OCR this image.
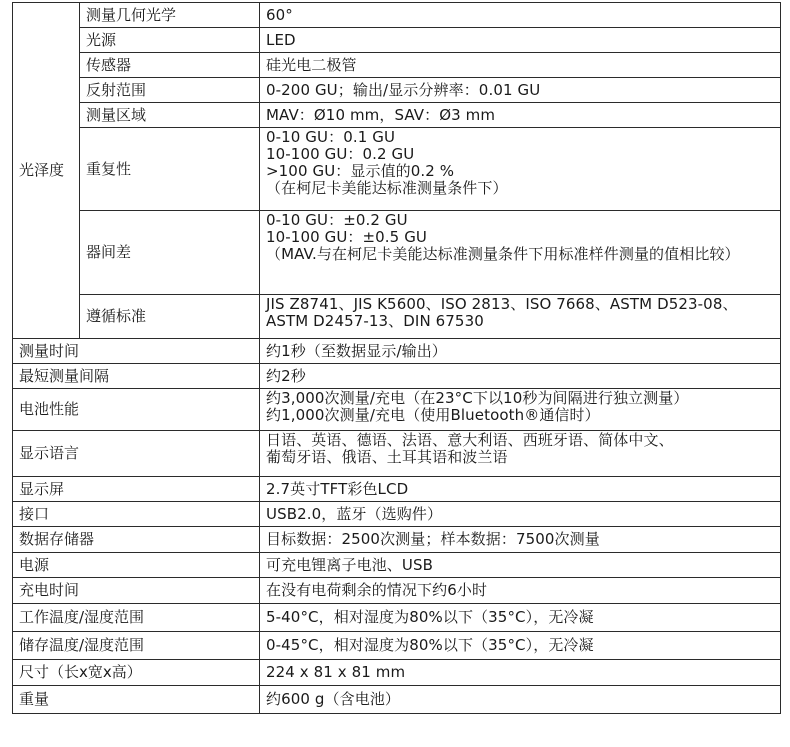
光泽度	测量几何光学	60°

	光源	LED

	传感器	硅光电二极管

	反射范围	0-200 GU；输出/显示分辨率：0.01 GU

	测量区域	MAV：Ø10 mm，SAV：Ø3 mm

	重复性	0-10 GU：0.1 GU
10-100 GU：0.2 GU
>100 GU：显示值的0.2 %
（在柯尼卡美能达标准测量条件下）

	器间差	0-10 GU：±0.2 GU
10-100 GU：±0.5 GU
（MAV.与在柯尼卡美能达标准测量条件下用标准样件测量的值相比较）

	遵循标准	JIS Z8741、JIS K5600、ISO 2813、ISO 7668、ASTM D523-08、
ASTM D2457-13、DIN 67530

测量时间		约1秒（至数据显示/输出）

最短测量间隔		约2秒

电池性能		约3,000次测量/充电（在23°C下以10秒为间隔进行独立测量）
约1,000次测量/充电（使用Bluetooth®通信时）

显示语言		日语、英语、德语、法语、意大利语、西班牙语、简体中文、
葡萄牙语、俄语、土耳其语和波兰语

显示屏		2.7英寸TFT彩色LCD

接口		USB2.0，蓝牙（选购件）

数据存储器		目标数据：2500次测量；样本数据：7500次测量

电源		可充电锂离子电池、USB

充电时间		在没有电荷剩余的情况下约6小时

工作温度/湿度范围		5-40°C，相对湿度为80%以下（35°C），无冷凝

储存温度/湿度范围		0-45°C，相对湿度为80%以下（35°C），无冷凝

尺寸（长x宽x高）		224 x 81 x 81 mm

重量		约600 g（含电池）
